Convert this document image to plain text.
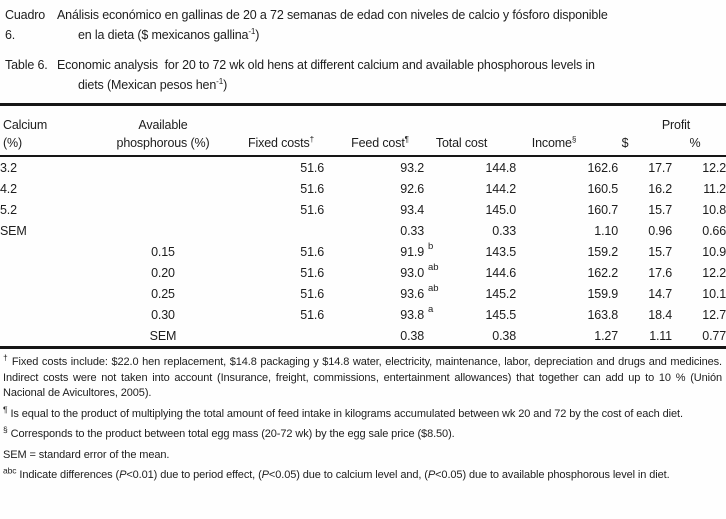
Cuadro 6.
Análisis económico en gallinas de 20 a 72 semanas de edad con niveles de calcio y fósforo disponible
en la dieta ($ mexicanos gallina$^{-1}$)
Table 6. Economic analysis  for 20 to 72 wk old hens at different calcium and available phosphorous levels in
diets (Mexican pesos hen$^{-1}$)
Calcium	Available					Profit	
(%)	phosphorous (%)	Fixed costs†	Feed cost¶	Total cost	Income§	$	%
3.2		51.6	93.2	144.8	162.6	17.7	12.2
4.2		51.6	92.6	144.2	160.5	16.2	11.2
5.2		51.6	93.4	145.0	160.7	15.7	10.8
SEM			0.33	0.33	1.10	0.96	0.66
	0.15	51.6	91.9 b	143.5	159.2	15.7	10.9
	0.20	51.6	93.0 ab	144.6	162.2	17.6	12.2
	0.25	51.6	93.6 ab	145.2	159.9	14.7	10.1
	0.30	51.6	93.8 a	145.5	163.8	18.4	12.7
	SEM		0.38	0.38	1.27	1.11	0.77

† Fixed costs include: $22.0 hen replacement, $14.8 packaging y $14.8 water, electricity, maintenance, labor, depreciation and drugs and medicines. Indirect costs were not taken into account (Insurance, freight, commissions, entertainment allowances) that together can add up to 10 % (Unión Nacional de Avicultores, 2005).

¶ Is equal to the product of multiplying the total amount of feed intake in kilograms accumulated between wk 20 and 72 by the cost of each diet.

§ Corresponds to the product between total egg mass (20-72 wk) by the egg sale price ($8.50).

SEM = standard error of the mean.

$^{abc}$ Indicate differences (P<0.01) due to period effect, (P<0.05) due to calcium level and, (P<0.05) due to available phosphorous level in diet.
